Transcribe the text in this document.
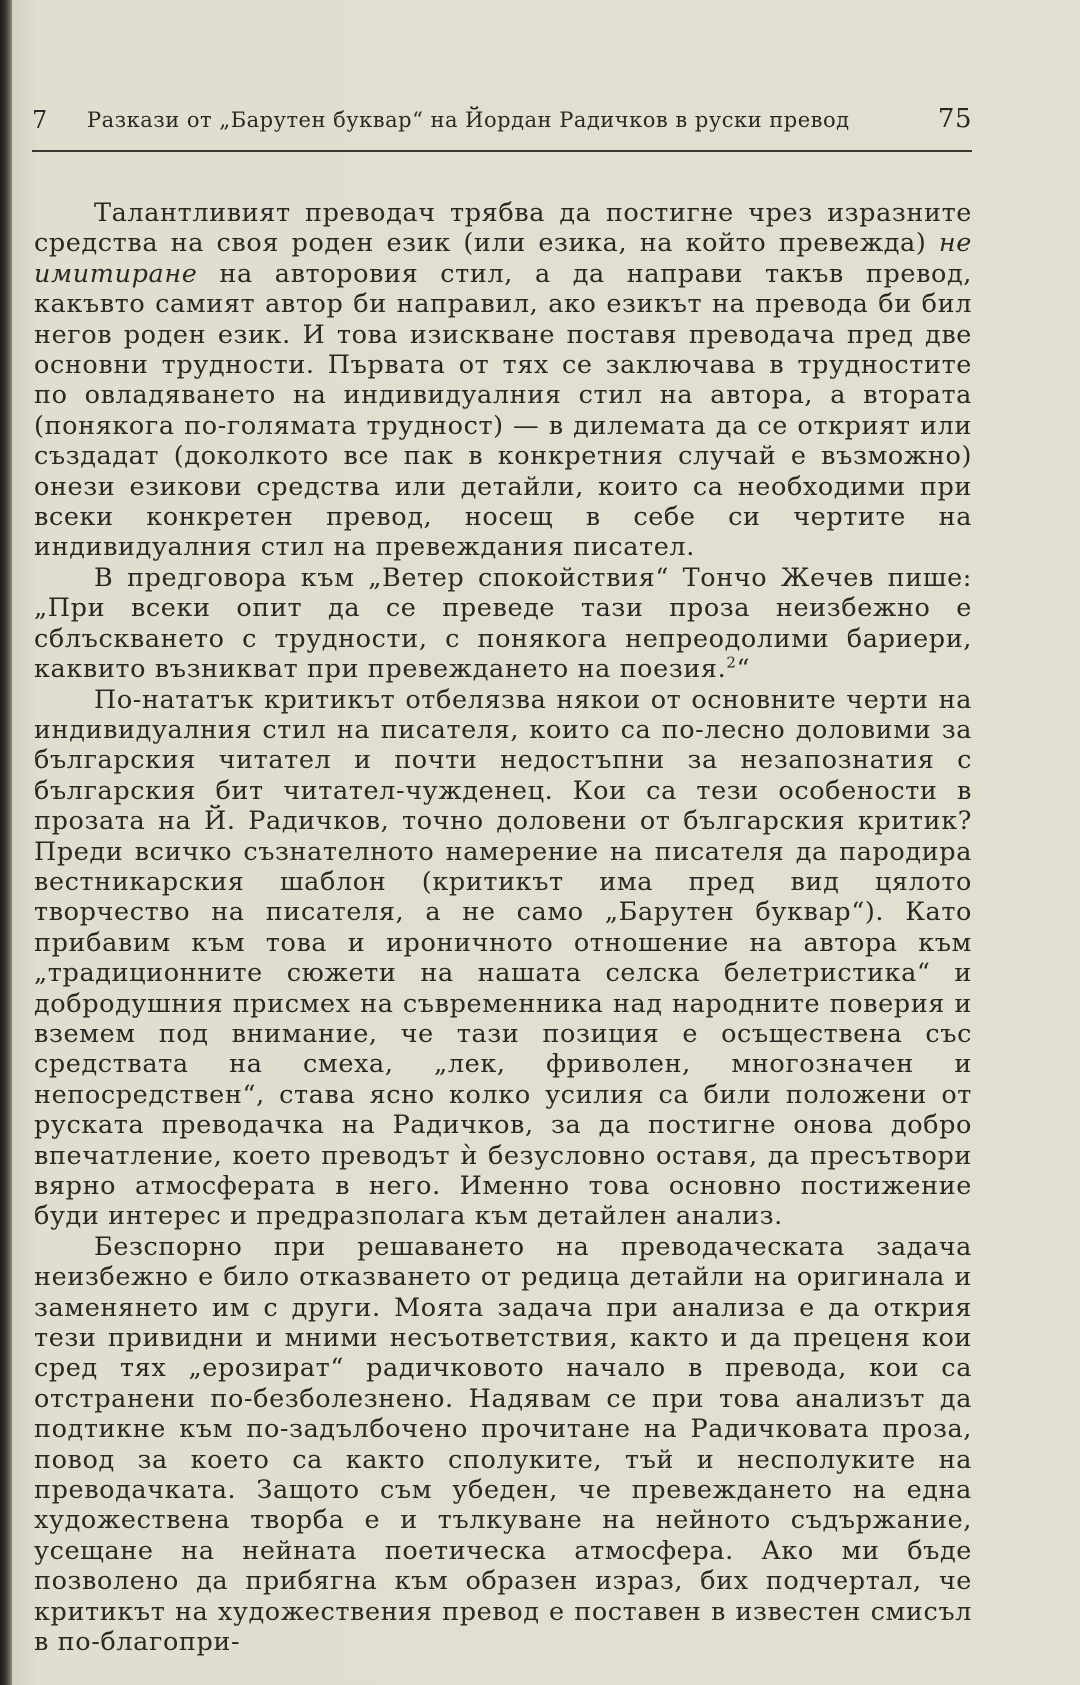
7 Разкази от „Барутен буквар“ на Йордан Радичков в руски превод	75

Талантливият преводач трябва да постигне чрез изразните средства на своя роден език (или езика, на който превежда) не имитиране на авторовия стил, а да направи такъв превод, какъвто самият автор би направил, ако езикът на превода би бил негов роден език. И това изискване поставя преводача пред две основни трудности. Първата от тях се заключава в трудностите по овладяването на индивидуалния стил на автора, а втората (понякога по-голямата трудност) — в дилемата да се открият или създадат (доколкото все пак в конкретния случай е възможно) онези езикови средства или детайли, които са необходими при всеки конкретен превод, носещ в себе си чертите на индивидуалния стил на превеждания писател.

В предговора към „Ветер спокойствия“ Тончо Жечев пише: „При всеки опит да се преведе тази проза неизбежно е сблъскването с трудности, с понякога непреодолими бариери, каквито възникват при превеждането на поезия.$^2$“

По-нататък критикът отбелязва някои от основните черти на индивидуалния стил на писателя, които са по-лесно доловими за българския читател и почти недостъпни за незапознатия с българския бит читател-чужденец. Кои са тези особености в прозата на Й. Радичков, точно доловени от българския критик? Преди всичко съзнателното намерение на писателя да пародира вестникарския шаблон (критикът има пред вид цялото творчество на писателя, а не само „Барутен буквар“). Като прибавим към това и ироничното отношение на автора към „традиционните сюжети на нашата селска белетристика“ и добродушния присмех на съвременника над народните поверия и вземем под внимание, че тази позиция е осъществена със средствата на смеха, „лек, фриволен, многозначен и непосредствен“, става ясно колко усилия са били положени от руската преводачка на Радичков, за да постигне онова добро впечатление, което преводът ѝ безусловно оставя, да пресътвори вярно атмосферата в него. Именно това основно постижение буди интерес и предразполага към детайлен анализ.

Безспорно при решаването на преводаческата задача неизбежно е било отказването от редица детайли на оригинала и заменянето им с други. Моята задача при анализа е да открия тези привидни и мними несъответствия, както и да преценя кои сред тях „ерозират“ радичковото начало в превода, кои са отстранени по-безболезнено. Надявам се при това анализът да подтикне към по-задълбочено прочитане на Радичковата проза, повод за което са както сполуките, тъй и несполуките на преводачката. Защото съм убеден, че превеждането на една художествена творба е и тълкуване на нейното съдържание, усещане на нейната поетическа атмосфера. Ако ми бъде позволено да прибягна към образен израз, бих подчертал, че критикът на художествения превод е поставен в известен смисъл в по-благопри-
